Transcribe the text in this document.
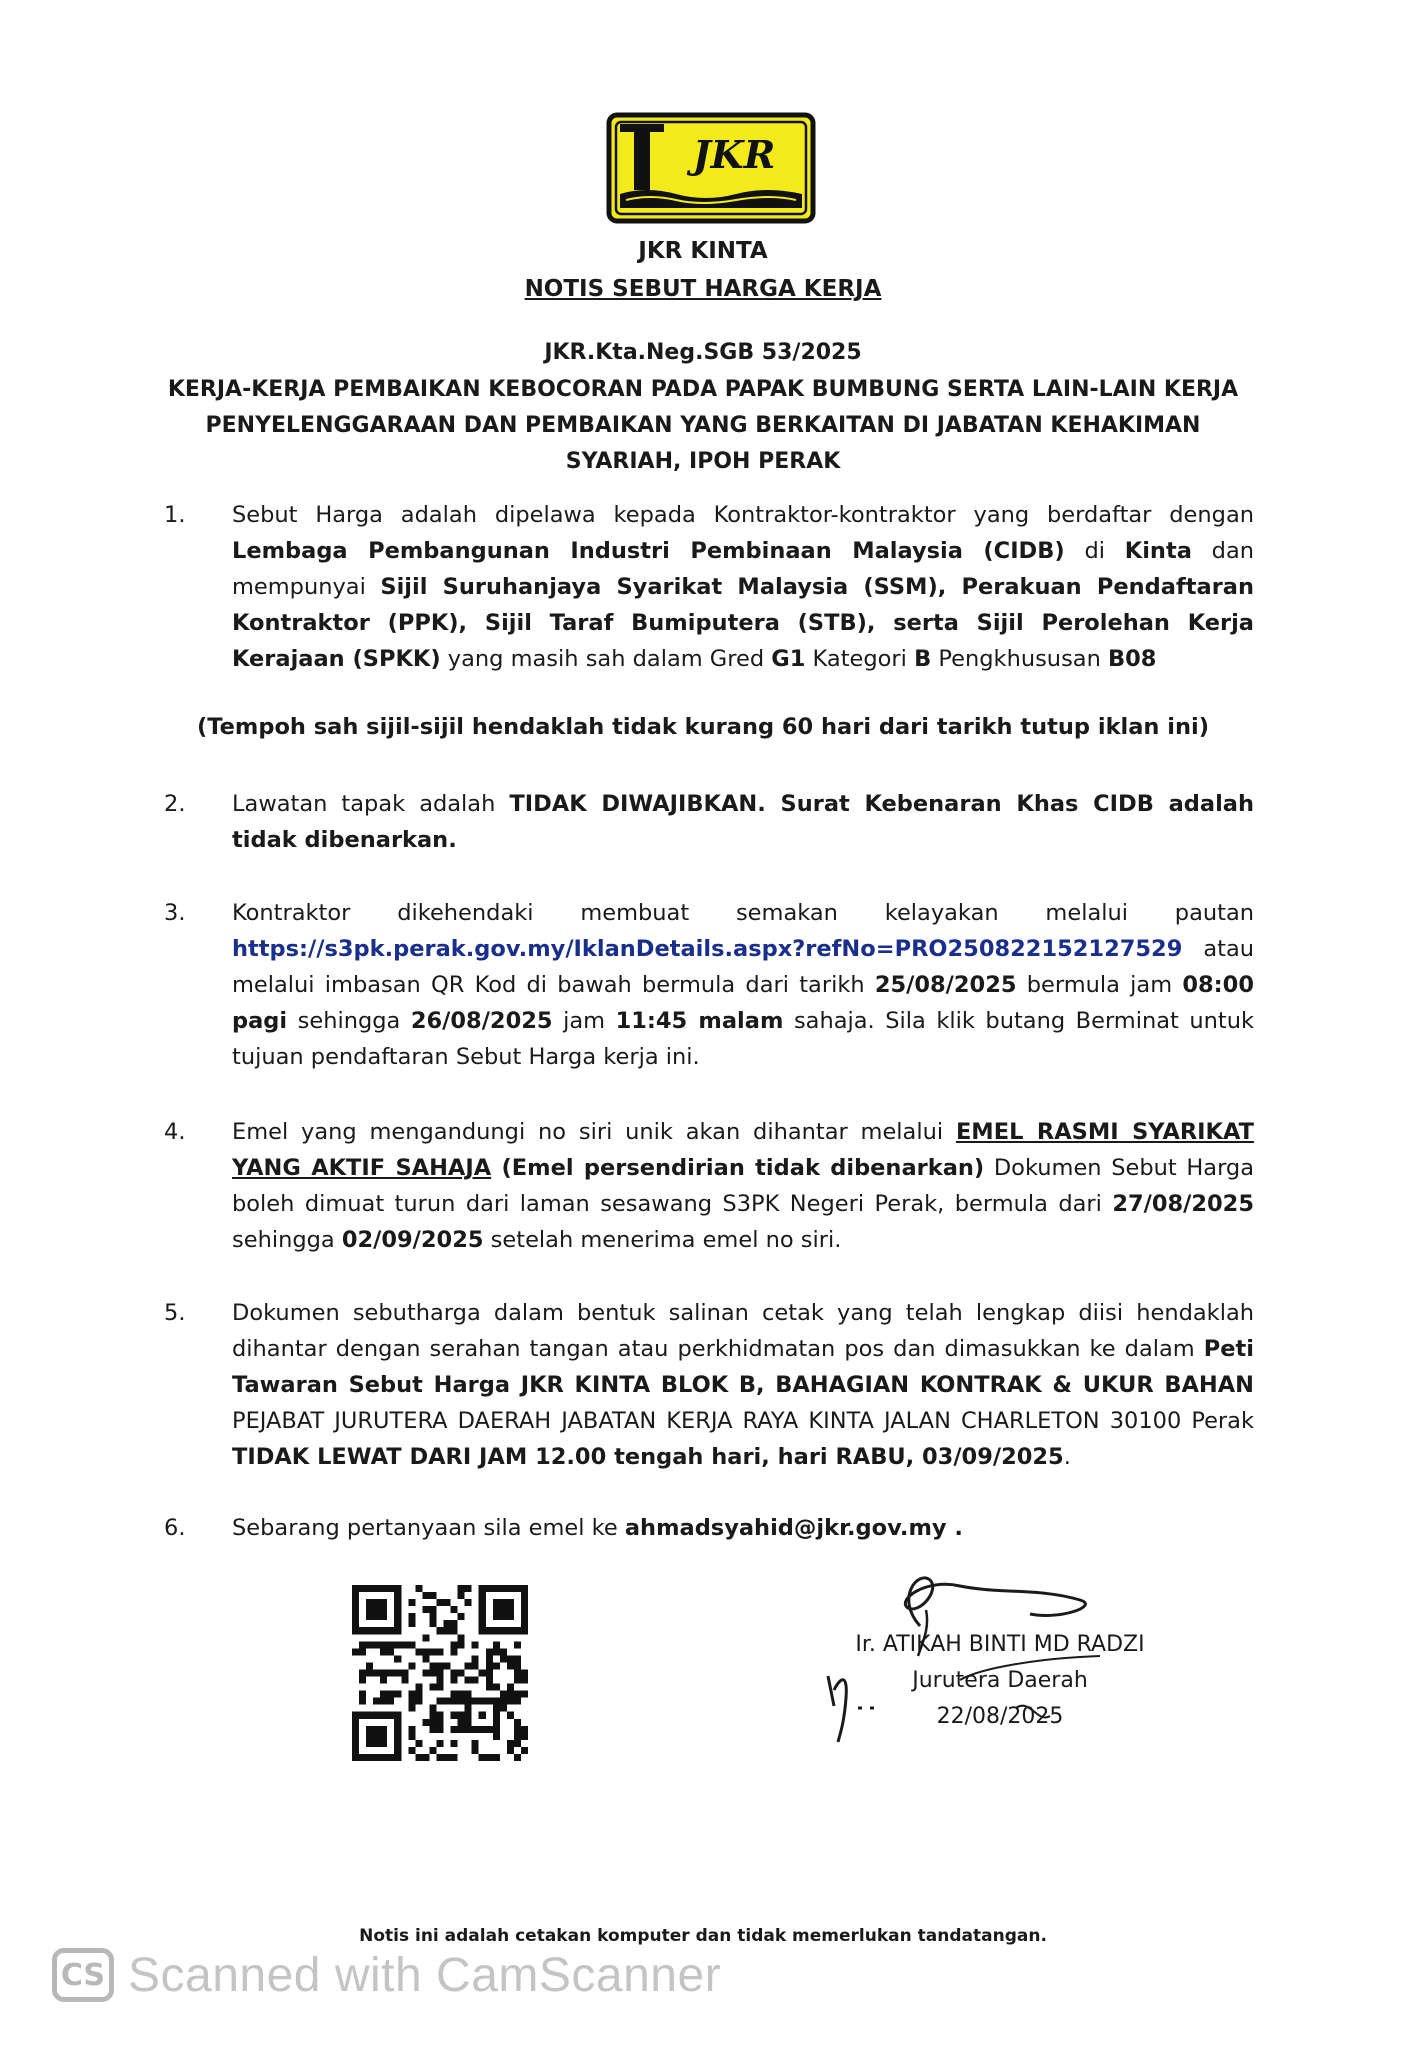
JKR
JKR KINTA
NOTIS SEBUT HARGA KERJA
JKR.Kta.Neg.SGB 53/2025
KERJA-KERJA PEMBAIKAN KEBOCORAN PADA PAPAK BUMBUNG SERTA LAIN-LAIN KERJA PENYELENGGARAAN DAN PEMBAIKAN YANG BERKAITAN DI JABATAN KEHAKIMAN SYARIAH, IPOH PERAK
1. Sebut Harga adalah dipelawa kepada Kontraktor-kontraktor yang berdaftar dengan Lembaga Pembangunan Industri Pembinaan Malaysia (CIDB) di Kinta dan mempunyai Sijil Suruhanjaya Syarikat Malaysia (SSM), Perakuan Pendaftaran Kontraktor (PPK), Sijil Taraf Bumiputera (STB), serta Sijil Perolehan Kerja Kerajaan (SPKK) yang masih sah dalam Gred G1 Kategori B Pengkhususan B08
(Tempoh sah sijil-sijil hendaklah tidak kurang 60 hari dari tarikh tutup iklan ini)
2. Lawatan tapak adalah TIDAK DIWAJIBKAN. Surat Kebenaran Khas CIDB adalah tidak dibenarkan.
3. Kontraktor dikehendaki membuat semakan kelayakan melalui pautan https://s3pk.perak.gov.my/IklanDetails.aspx?refNo=PRO250822152127529 atau melalui imbasan QR Kod di bawah bermula dari tarikh 25/08/2025 bermula jam 08:00 pagi sehingga 26/08/2025 jam 11:45 malam sahaja. Sila klik butang Berminat untuk tujuan pendaftaran Sebut Harga kerja ini.
4. Emel yang mengandungi no siri unik akan dihantar melalui EMEL RASMI SYARIKAT YANG AKTIF SAHAJA (Emel persendirian tidak dibenarkan) Dokumen Sebut Harga boleh dimuat turun dari laman sesawang S3PK Negeri Perak, bermula dari 27/08/2025 sehingga 02/09/2025 setelah menerima emel no siri.
5. Dokumen sebutharga dalam bentuk salinan cetak yang telah lengkap diisi hendaklah dihantar dengan serahan tangan atau perkhidmatan pos dan dimasukkan ke dalam Peti Tawaran Sebut Harga JKR KINTA BLOK B, BAHAGIAN KONTRAK & UKUR BAHAN PEJABAT JURUTERA DAERAH JABATAN KERJA RAYA KINTA JALAN CHARLETON 30100 Perak TIDAK LEWAT DARI JAM 12.00 tengah hari, hari RABU, 03/09/2025.
6. Sebarang pertanyaan sila emel ke ahmadsyahid@jkr.gov.my .
Ir. ATIKAH BINTI MD RADZI
Jurutera Daerah
22/08/2025
Notis ini adalah cetakan komputer dan tidak memerlukan tandatangan.
CS Scanned with CamScanner
